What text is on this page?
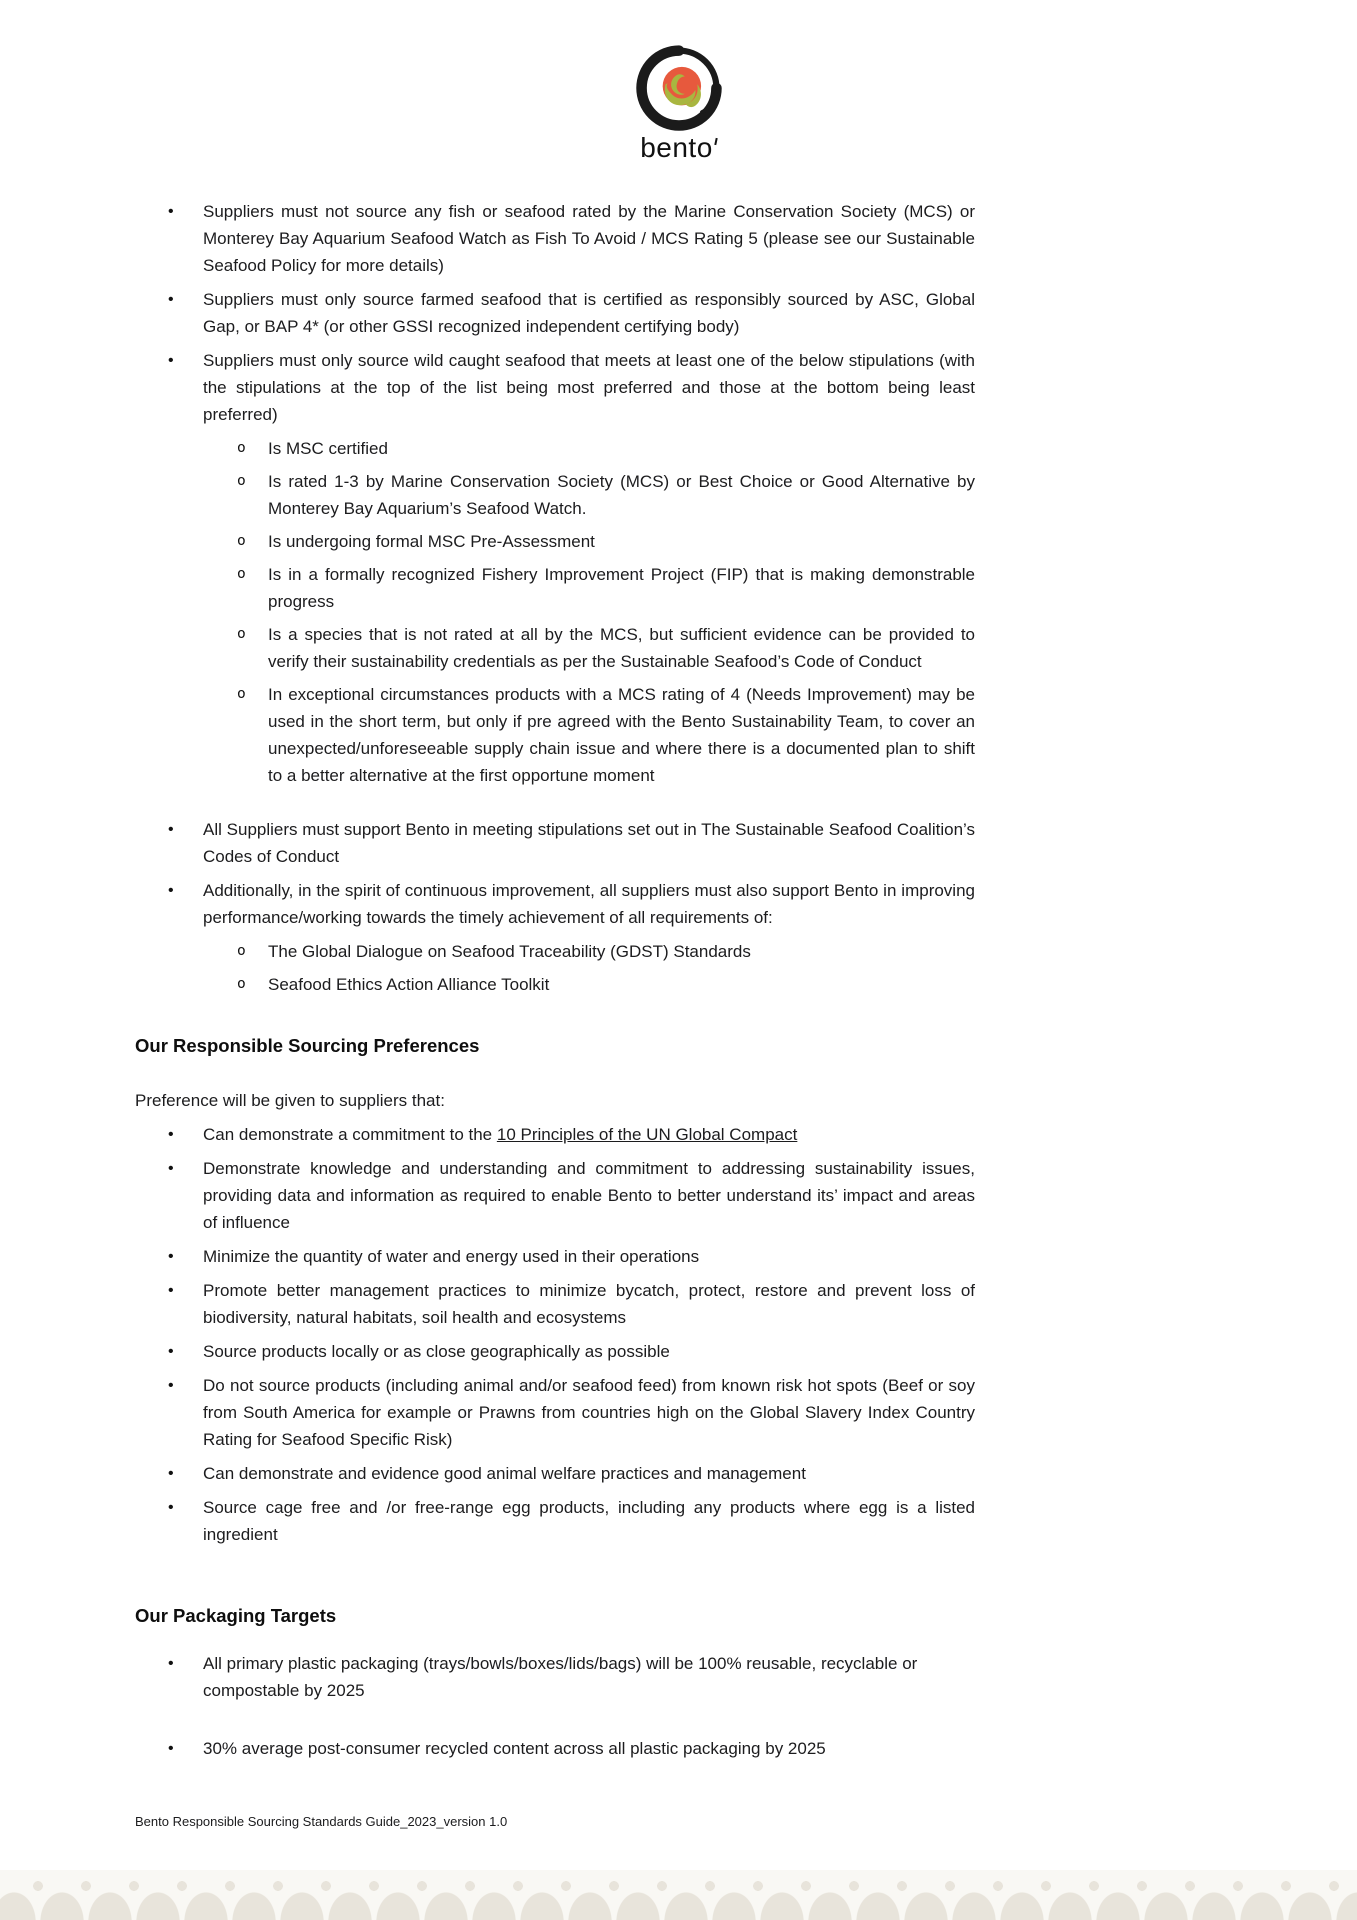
bento
• Suppliers must not source any fish or seafood rated by the Marine Conservation Society (MCS) or Monterey Bay Aquarium Seafood Watch as Fish To Avoid / MCS Rating 5 (please see our Sustainable Seafood Policy for more details)
• Suppliers must only source farmed seafood that is certified as responsibly sourced by ASC, Global Gap, or BAP 4* (or other GSSI recognized independent certifying body)
• Suppliers must only source wild caught seafood that meets at least one of the below stipulations (with the stipulations at the top of the list being most preferred and those at the bottom being least preferred)
o Is MSC certified
o Is rated 1-3 by Marine Conservation Society (MCS) or Best Choice or Good Alternative by Monterey Bay Aquarium’s Seafood Watch.
o Is undergoing formal MSC Pre-Assessment
o Is in a formally recognized Fishery Improvement Project (FIP) that is making demonstrable progress
o Is a species that is not rated at all by the MCS, but sufficient evidence can be provided to verify their sustainability credentials as per the Sustainable Seafood’s Code of Conduct
o In exceptional circumstances products with a MCS rating of 4 (Needs Improvement) may be used in the short term, but only if pre agreed with the Bento Sustainability Team, to cover an unexpected/unforeseeable supply chain issue and where there is a documented plan to shift to a better alternative at the first opportune moment
• All Suppliers must support Bento in meeting stipulations set out in The Sustainable Seafood Coalition’s Codes of Conduct
• Additionally, in the spirit of continuous improvement, all suppliers must also support Bento in improving performance/working towards the timely achievement of all requirements of:
o The Global Dialogue on Seafood Traceability (GDST) Standards
o Seafood Ethics Action Alliance Toolkit
Our Responsible Sourcing Preferences

Preference will be given to suppliers that:

• Can demonstrate a commitment to the 10 Principles of the UN Global Compact
• Demonstrate knowledge and understanding and commitment to addressing sustainability issues, providing data and information as required to enable Bento to better understand its’ impact and areas of influence
• Minimize the quantity of water and energy used in their operations
• Promote better management practices to minimize bycatch, protect, restore and prevent loss of biodiversity, natural habitats, soil health and ecosystems
• Source products locally or as close geographically as possible
• Do not source products (including animal and/or seafood feed) from known risk hot spots (Beef or soy from South America for example or Prawns from countries high on the Global Slavery Index Country Rating for Seafood Specific Risk)
• Can demonstrate and evidence good animal welfare practices and management
• Source cage free and /or free-range egg products, including any products where egg is a listed ingredient
Our Packaging Targets
• All primary plastic packaging (trays/bowls/boxes/lids/bags) will be 100% reusable, recyclable or compostable by 2025
• 30% average post-consumer recycled content across all plastic packaging by 2025
Bento Responsible Sourcing Standards Guide_2023_version 1.0
